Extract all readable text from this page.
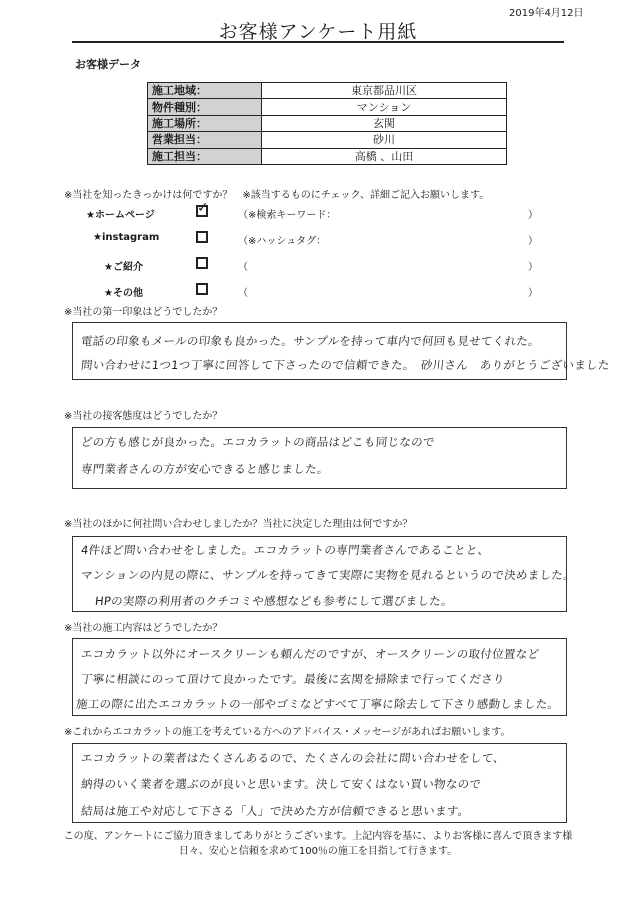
2019年4月12日
お客様アンケート用紙
お客様データ
施工地域：	東京都品川区
物件種別：	マンション
施工場所：	玄関
営業担当：	砂川
施工担当：	高橋 、山田
※当社を知ったきっかけは何ですか？　※該当するものにチェック、詳細ご記入お願いします。
★ホームページ	✓	（※検索キーワード：	）
★instagram	（※ハッシュタグ：	）
★ご紹介	（	）
★その他	（	）
※当社の第一印象はどうでしたか？
電話の印象もメールの印象も良かった。サンプルを持って車内で何回も見せてくれた。
問い合わせに1つ1つ丁寧に回答して下さったので信頼できた。　砂川さん　ありがとうございました
※当社の接客態度はどうでしたか？
どの方も感じが良かった。エコカラットの商品はどこも同じなので
専門業者さんの方が安心できると感じました。
※当社のほかに何社問い合わせしましたか？当社に決定した理由は何ですか？
4件ほど問い合わせをしました。エコカラットの専門業者さんであることと、
マンションの内見の際に、サンプルを持ってきて実際に実物を見れるというので決めました。
HPの実際の利用者のクチコミや感想なども参考にして選びました。
※当社の施工内容はどうでしたか？
エコカラット以外にオースクリーンも頼んだのですが、オースクリーンの取付位置など
丁寧に相談にのって頂けて良かったです。最後に玄関を掃除まで行ってくださり
施工の際に出たエコカラットの一部やゴミなどすべて丁寧に除去して下さり感動しました。
※これからエコカラットの施工を考えている方へのアドバイス・メッセージがあればお願いします。
エコカラットの業者はたくさんあるので、たくさんの会社に問い合わせをして、
納得のいく業者を選ぶのが良いと思います。決して安くはない買い物なので
結局は施工や対応して下さる「人」で決めた方が信頼できると思います。
この度、アンケートにご協力頂きましてありがとうございます。上記内容を基に、よりお客様に喜んで頂きます様
日々、安心と信頼を求めて100％の施工を目指して行きます。
